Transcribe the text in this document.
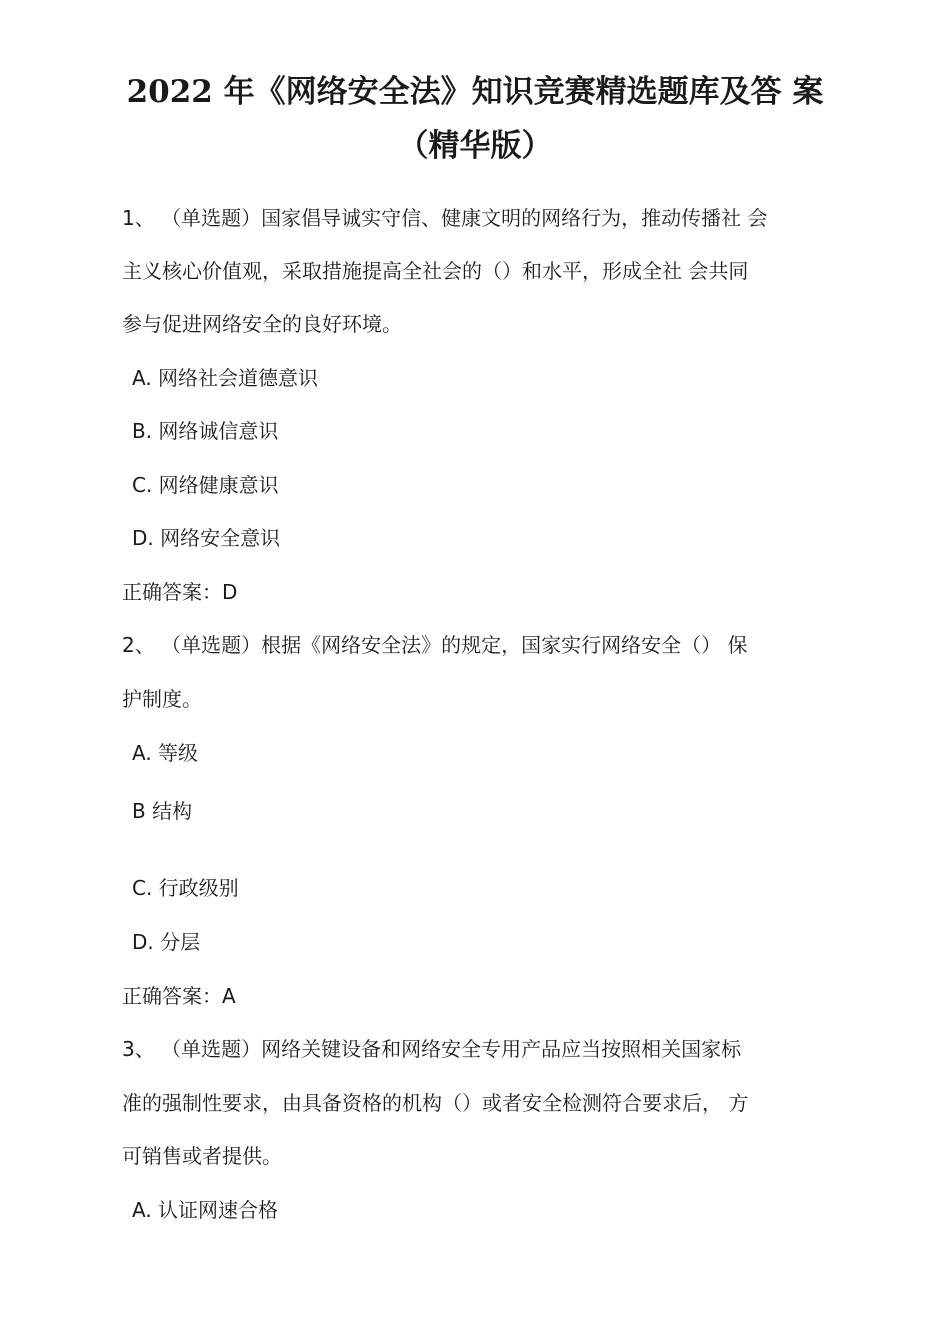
2022 年《网络安全法》知识竞赛精选题库及答 案
（精华版）
1、 （单选题）国家倡导诚实守信、健康文明的网络行为，推动传播社 会
主义核心价值观，采取措施提高全社会的（）和水平，形成全社 会共同
参与促进网络安全的良好环境。
A. 网络社会道德意识
B. 网络诚信意识
C. 网络健康意识
D. 网络安全意识
正确答案：D
2、 （单选题）根据《网络安全法》的规定，国家实行网络安全（） 保
护制度。
A. 等级
B 结构
C. 行政级别
D. 分层
正确答案：A
3、 （单选题）网络关键设备和网络安全专用产品应当按照相关国家标
准的强制性要求，由具备资格的机构（）或者安全检测符合要求后， 方
可销售或者提供。
A. 认证网速合格
